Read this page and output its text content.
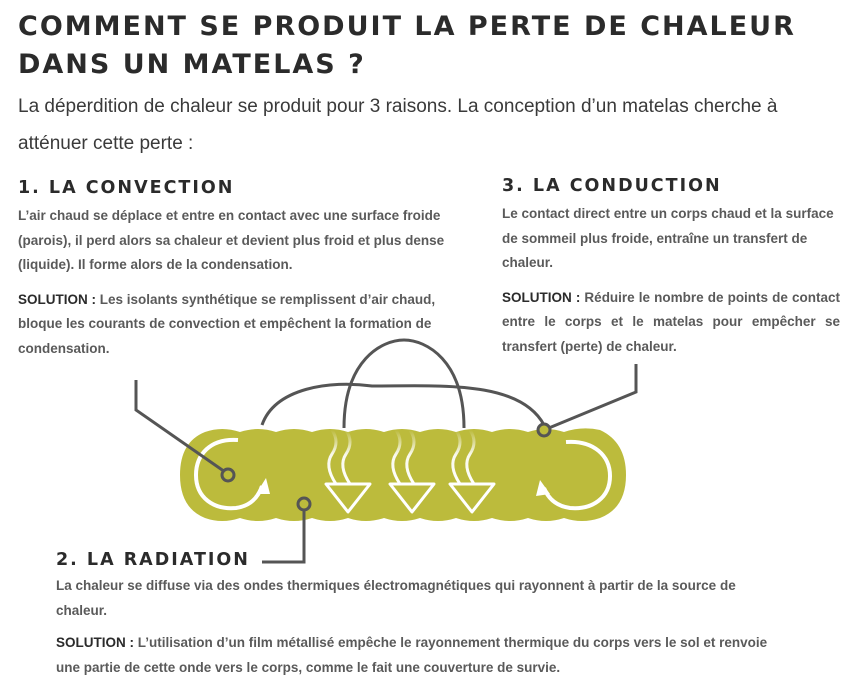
COMMENT SE PRODUIT LA PERTE DE CHALEUR DANS UN MATELAS ?

La déperdition de chaleur se produit pour 3 raisons. La conception d’un matelas cherche à atténuer cette perte :

1. LA CONVECTION

L’air chaud se déplace et entre en contact avec une surface froide (parois), il perd alors sa chaleur et devient plus froid et plus dense (liquide). Il forme alors de la condensation.

SOLUTION : Les isolants synthétique se remplissent d’air chaud, bloque les courants de convection et empêchent la formation de condensation.

3. LA CONDUCTION

Le contact direct entre un corps chaud et la surface de sommeil plus froide, entraîne un transfert de chaleur.

SOLUTION : Réduire le nombre de points de contact entre le corps et le matelas pour empêcher se transfert (perte) de chaleur.

2. LA RADIATION

La chaleur se diffuse via des ondes thermiques électromagnétiques qui rayonnent à partir de la source de chaleur.

SOLUTION : L’utilisation d’un film métallisé empêche le rayonnement thermique du corps vers le sol et renvoie une partie de cette onde vers le corps, comme le fait une couverture de survie.
